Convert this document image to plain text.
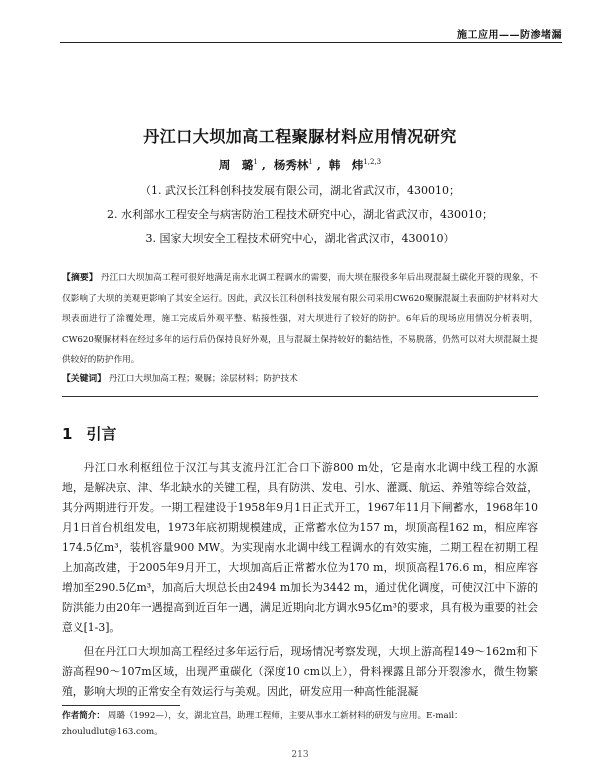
施工应用——防渗堵漏
丹江口大坝加高工程聚脲材料应用情况研究
周　璐$^1$ , 杨秀林$^1$ , 韩　炜$^{1,2,3}$
（1. 武汉长江科创科技发展有限公司，湖北省武汉市，430010；
2. 水利部水工程安全与病害防治工程技术研究中心，湖北省武汉市，430010；
3. 国家大坝安全工程技术研究中心，湖北省武汉市，430010）
【摘要】 丹江口大坝加高工程可很好地满足南水北调工程调水的需要，而大坝在服役多年后出现混凝土碳化开裂的现象，不仅影响了大坝的美观更影响了其安全运行。因此，武汉长江科创科技发展有限公司采用CW620聚脲混凝土表面防护材料对大坝表面进行了涂覆处理，施工完成后外观平整、粘接性强，对大坝进行了较好的防护。6年后的现场应用情况分析表明，CW620聚脲材料在经过多年的运行后仍保持良好外观，且与混凝土保持较好的黏结性，不易脱落，仍然可以对大坝混凝土提供较好的防护作用。
【关键词】 丹江口大坝加高工程；聚脲；涂层材料；防护技术
1 引言

丹江口水利枢纽位于汉江与其支流丹江汇合口下游800 m处，它是南水北调中线工程的水源地，是解决京、津、华北缺水的关键工程，具有防洪、发电、引水、灌溉、航运、养殖等综合效益，其分两期进行开发。一期工程建设于1958年9月1日正式开工，1967年11月下闸蓄水，1968年10月1日首台机组发电，1973年底初期规模建成，正常蓄水位为157 m，坝顶高程162 m，相应库容174.5亿m³，装机容量900 MW。为实现南水北调中线工程调水的有效实施，二期工程在初期工程上加高改建，于2005年9月开工，大坝加高后正常蓄水位为170 m，坝顶高程176.6 m，相应库容增加至290.5亿m³，加高后大坝总长由2494 m加长为3442 m，通过优化调度，可使汉江中下游的防洪能力由20年一遇提高到近百年一遇，满足近期向北方调水95亿m³的要求，具有极为重要的社会意义[1-3]。

但在丹江口大坝加高工程经过多年运行后，现场情况考察发现，大坝上游高程149～162m和下游高程90～107m区域，出现严重碳化（深度10 cm以上），骨料裸露且部分开裂渗水，微生物繁殖，影响大坝的正常安全有效运行与美观。因此，研发应用一种高性能混凝

作者简介： 周璐（1992—），女，湖北宜昌，助理工程师，主要从事水工新材料的研发与应用。E-mail：zhouludlut@163.com。
213
